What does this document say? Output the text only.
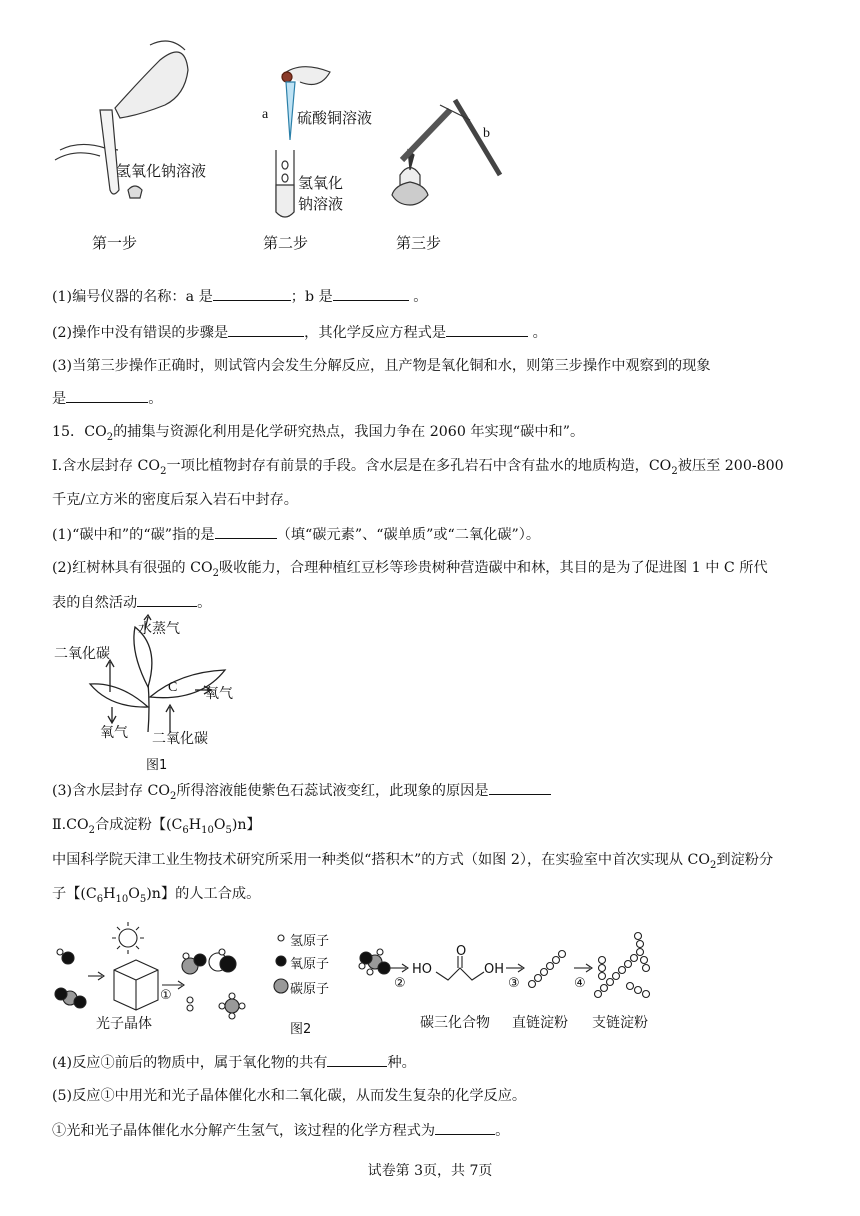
氢氧化钠溶液
a 硫酸铜溶液
氢氧化
钠溶液
b
第一步	第二步	第三步
(1)编号仪器的名称：a 是	；b 是	。
(2)操作中没有错误的步骤是	，其化学反应方程式是	。
(3)当第三步操作正确时，则试管内会发生分解反应，且产物是氧化铜和水，则第三步操作中观察到的现象
是	。
15．$CO_2$的捕集与资源化利用是化学研究热点，我国力争在 2060 年实现“碳中和”。
I.含水层封存 $CO_2$一项比植物封存有前景的手段。含水层是在多孔岩石中含有盐水的地质构造，$CO_2$被压至 200-800
千克/立方米的密度后泵入岩石中封存。
(1)“碳中和”的“碳”指的是	（填“碳元素”、“碳单质”或“二氧化碳”）。
(2)红树林具有很强的 $CO_2$吸收能力，合理种植红豆杉等珍贵树种营造碳中和林，其目的是为了促进图 1 中 C 所代
表的自然活动	。
水蒸气
二氧化碳
C 氧气
氧气 二氧化碳
图1
(3)含水层封存 $CO_2$所得溶液能使紫色石蕊试液变红，此现象的原因是
$Ⅱ.CO_2$合成淀粉【$(C_6H_{10}O_5)n$】
中国科学院天津工业生物技术研究所采用一种类似“搭积木”的方式（如图 2），在实验室中首次实现从 $CO_2$到淀粉分
子【$(C_6H_{10}O_5)n$】的人工合成。
氢原子
氧原子
碳原子
光子晶体	图2
①
②	③	④
HO
O
OH
碳三化合物 直链淀粉 支链淀粉
(4)反应①前后的物质中，属于氧化物的共有	种。
(5)反应①中用光和光子晶体催化水和二氧化碳，从而发生复杂的化学反应。
①光和光子晶体催化水分解产生氢气，该过程的化学方程式为	。
试卷第 3页，共 7页
